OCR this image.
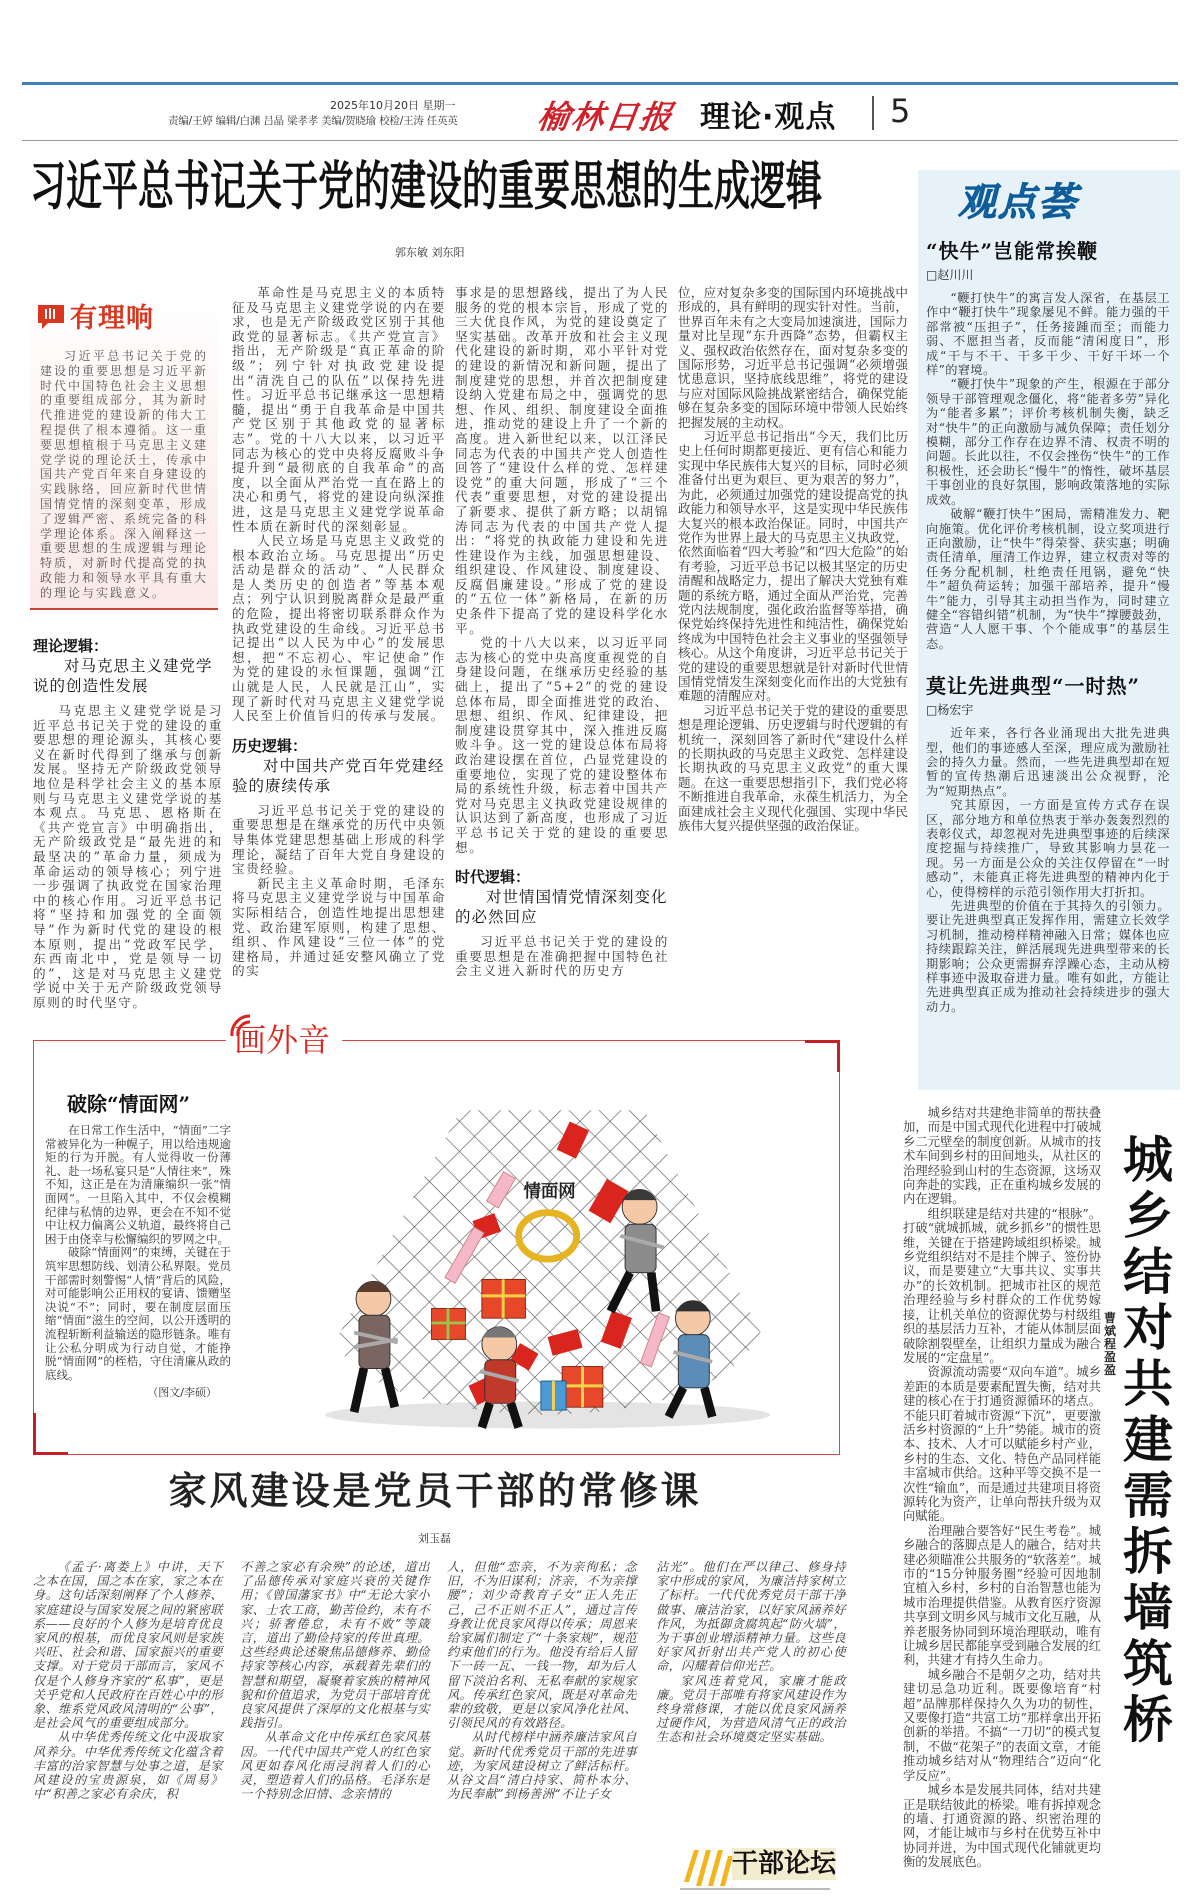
2025年10月20日 星期一
责编/王婷 编辑/白渊 吕晶 梁孝孝 美编/贺晓瑜 校检/王涛 任英英 榆林日报 理论·观点 5
习近平总书记关于党的建设的重要思想的生成逻辑
郭东敏 刘东阳
有理响

习近平总书记关于党的建设的重要思想是习近平新时代中国特色社会主义思想的重要组成部分，其为新时代推进党的建设新的伟大工程提供了根本遵循。这一重要思想植根于马克思主义建党学说的理论沃土，传承中国共产党百年来自身建设的实践脉络，回应新时代世情国情党情的深刻变革，形成了逻辑严密、系统完备的科学理论体系。深入阐释这一重要思想的生成逻辑与理论特质，对新时代提高党的执政能力和领导水平具有重大的理论与实践意义。

理论逻辑：
对马克思主义建党学说的创造性发展

马克思主义建党学说是习近平总书记关于党的建设的重要思想的理论源头，其核心要义在新时代得到了继承与创新发展。坚持无产阶级政党领导地位是科学社会主义的基本原则与马克思主义建党学说的基本观点。马克思、恩格斯在《共产党宣言》中明确指出，无产阶级政党是“最先进的和最坚决的”革命力量，须成为革命运动的领导核心；列宁进一步强调了执政党在国家治理中的核心作用。习近平总书记将“坚持和加强党的全面领导”作为新时代党的建设的根本原则，提出“党政军民学，东西南北中，党是领导一切的”，这是对马克思主义建党学说中关于无产阶级政党领导原则的时代坚守。

革命性是马克思主义的本质特征及马克思主义建党学说的内在要求，也是无产阶级政党区别于其他政党的显著标志。《共产党宣言》指出，无产阶级是“真正革命的阶级”；列宁针对执政党建设提出“清洗自己的队伍”以保持先进性。习近平总书记继承这一思想精髓，提出“勇于自我革命是中国共产党区别于其他政党的显著标志”。党的十八大以来，以习近平同志为核心的党中央将反腐败斗争提升到“最彻底的自我革命”的高度，以全面从严治党一直在路上的决心和勇气，将党的建设向纵深推进，这是马克思主义建党学说革命性本质在新时代的深刻彰显。

人民立场是马克思主义政党的根本政治立场。马克思提出“历史活动是群众的活动”、“人民群众是人类历史的创造者”等基本观点；列宁认识到脱离群众是最严重的危险，提出将密切联系群众作为执政党建设的生命线。习近平总书记提出“以人民为中心”的发展思想，把“不忘初心、牢记使命”作为党的建设的永恒课题，强调“江山就是人民，人民就是江山”，实现了新时代对马克思主义建党学说人民至上价值旨归的传承与发展。

历史逻辑：
对中国共产党百年党建经验的赓续传承

习近平总书记关于党的建设的重要思想是在继承党的历代中央领导集体党建思想基础上形成的科学理论，凝结了百年大党自身建设的宝贵经验。

新民主主义革命时期，毛泽东将马克思主义建党学说与中国革命实际相结合，创造性地提出思想建党、政治建军原则，构建了思想、组织、作风建设“三位一体”的党建格局，并通过延安整风确立了党的实

事求是的思想路线，提出了为人民服务的党的根本宗旨，形成了党的三大优良作风，为党的建设奠定了坚实基础。改革开放和社会主义现代化建设的新时期，邓小平针对党的建设的新情况和新问题，提出了制度建党的思想，并首次把制度建设纳入党建布局之中，强调党的思想、作风、组织、制度建设全面推进，推动党的建设上升了一个新的高度。进入新世纪以来，以江泽民同志为代表的中国共产党人创造性回答了“建设什么样的党、怎样建设党”的重大问题，形成了“三个代表”重要思想，对党的建设提出了新要求、提供了新方略；以胡锦涛同志为代表的中国共产党人提出：“将党的执政能力建设和先进性建设作为主线，加强思想建设、组织建设、作风建设、制度建设、反腐倡廉建设。”形成了党的建设的“五位一体”新格局，在新的历史条件下提高了党的建设科学化水平。

党的十八大以来，以习近平同志为核心的党中央高度重视党的自身建设问题，在继承历史经验的基础上，提出了“5+2”的党的建设总体布局，即全面推进党的政治、思想、组织、作风、纪律建设，把制度建设贯穿其中，深入推进反腐败斗争。这一党的建设总体布局将政治建设摆在首位，凸显党建设的重要地位，实现了党的建设整体布局的系统性升级，标志着中国共产党对马克思主义执政党建设规律的认识达到了新高度，也形成了习近平总书记关于党的建设的重要思想。

时代逻辑：
对世情国情党情深刻变化的必然回应

习近平总书记关于党的建设的重要思想是在准确把握中国特色社会主义进入新时代的历史方

位，应对复杂多变的国际国内环境挑战中形成的，具有鲜明的现实针对性。当前，世界百年未有之大变局加速演进，国际力量对比呈现“东升西降”态势，但霸权主义、强权政治依然存在，面对复杂多变的国际形势，习近平总书记强调“必须增强忧患意识，坚持底线思维”，将党的建设与应对国际风险挑战紧密结合，确保党能够在复杂多变的国际环境中带领人民始终把握发展的主动权。

习近平总书记指出“今天，我们比历史上任何时期都更接近、更有信心和能力实现中华民族伟大复兴的目标，同时必须准备付出更为艰巨、更为艰苦的努力”，为此，必须通过加强党的建设提高党的执政能力和领导水平，这是实现中华民族伟大复兴的根本政治保证。同时，中国共产党作为世界上最大的马克思主义执政党，依然面临着“四大考验”和“四大危险”的始有考验，习近平总书记以极其坚定的历史清醒和战略定力，提出了解决大党独有难题的系统方略，通过全面从严治党，完善党内法规制度，强化政治监督等举措，确保党始终保持先进性和纯洁性，确保党始终成为中国特色社会主义事业的坚强领导核心。从这个角度讲，习近平总书记关于党的建设的重要思想就是针对新时代世情国情党情发生深刻变化而作出的大党独有难题的清醒应对。

习近平总书记关于党的建设的重要思想是理论逻辑、历史逻辑与时代逻辑的有机统一，深刻回答了新时代“建设什么样的长期执政的马克思主义政党、怎样建设长期执政的马克思主义政党”的重大课题。在这一重要思想指引下，我们党必将不断推进自我革命，永葆生机活力，为全面建成社会主义现代化强国、实现中华民族伟大复兴提供坚强的政治保证。

观点荟
“快牛”岂能常挨鞭
□赵川川

“鞭打快牛”的寓言发人深省，在基层工作中“鞭打快牛”现象屡见不鲜。能力强的干部常被“压担子”，任务接踵而至；而能力弱、不愿担当者，反而能“清闲度日”，形成“干与不干、干多干少、干好干坏一个样”的窘境。

“鞭打快牛”现象的产生，根源在于部分领导干部管理观念僵化，将“能者多劳”异化为“能者多累”；评价考核机制失衡，缺乏对“快牛”的正向激励与减负保障；责任划分模糊，部分工作存在边界不清、权责不明的问题。长此以往，不仅会挫伤“快牛”的工作积极性，还会助长“慢牛”的惰性，破坏基层干事创业的良好氛围，影响政策落地的实际成效。

破解“鞭打快牛”困局，需精准发力、靶向施策。优化评价考核机制，设立奖项进行正向激励，让“快牛”得荣誉、获实惠；明确责任清单，厘清工作边界，建立权责对等的任务分配机制，杜绝责任甩锅，避免“快牛”超负荷运转；加强干部培养，提升“慢牛”能力，引导其主动担当作为，同时建立健全“容错纠错”机制，为“快牛”撑腰鼓劲，营造“人人愿干事、个个能成事”的基层生态。

莫让先进典型“一时热”
□杨宏宇

近年来，各行各业涌现出大批先进典型，他们的事迹感人至深，理应成为激励社会的持久力量。然而，一些先进典型却在短暂的宣传热潮后迅速淡出公众视野，沦为“短期热点”。

究其原因，一方面是宣传方式存在误区，部分地方和单位热衷于举办轰轰烈烈的表彰仪式，却忽视对先进典型事迹的后续深度挖掘与持续推广，导致其影响力昙花一现。另一方面是公众的关注仅停留在“一时感动”，未能真正将先进典型的精神内化于心，使得榜样的示范引领作用大打折扣。

先进典型的价值在于其持久的引领力。要让先进典型真正发挥作用，需建立长效学习机制，推动榜样精神融入日常；媒体也应持续跟踪关注，鲜活展现先进典型带来的长期影响；公众更需摒弃浮躁心态，主动从榜样事迹中汲取奋进力量。唯有如此，方能让先进典型真正成为推动社会持续进步的强大动力。

画外音
破除“情面网”

在日常工作生活中，“情面”二字常被异化为一种幌子，用以给违规逾矩的行为开脱。有人觉得收一份薄礼、赴一场私宴只是“人情往来”，殊不知，这正是在为清廉编织一张“情面网”。一旦陷入其中，不仅会模糊纪律与私情的边界，更会在不知不觉中让权力偏离公义轨道，最终将自己困于由侥幸与松懈编织的罗网之中。

破除“情面网”的束缚，关键在于筑牢思想防线、划清公私界限。党员干部需时刻警惕“人情”背后的风险，对可能影响公正用权的宴请、馈赠坚决说“不”；同时，要在制度层面压缩“情面”滋生的空间，以公开透明的流程斩断利益输送的隐形链条。唯有让公私分明成为行动自觉，才能挣脱“情面网”的桎梏，守住清廉从政的底线。

（图文/李硕）
情面网
家风建设是党员干部的常修课
刘玉磊

《孟子·离娄上》中讲，天下之本在国，国之本在家，家之本在身。这句话深刻阐释了个人修养、家庭建设与国家发展之间的紧密联系——良好的个人修为是培育优良家风的根基，而优良家风则是家族兴旺、社会和谐、国家振兴的重要支撑。对于党员干部而言，家风不仅是个人修身齐家的“私事”，更是关乎党和人民政府在百姓心中的形象、维系党风政风清明的“公事”，是社会风气的重要组成部分。

从中华优秀传统文化中汲取家风养分。中华优秀传统文化蕴含着丰富的治家智慧与处事之道，是家风建设的宝贵源泉，如《周易》中“积善之家必有余庆，积

不善之家必有余殃”的论述，道出了品德传承对家庭兴衰的关键作用；《曾国藩家书》中“无论大家小家、士农工商，勤苦俭约，未有不兴；骄奢倦怠，未有不败”等箴言，道出了勤俭持家的传世真理。这些经典论述聚焦品德修养、勤俭持家等核心内容，承载着先辈们的智慧和期望，凝聚着家族的精神风貌和价值追求，为党员干部培育优良家风提供了深厚的文化根基与实践指引。

从革命文化中传承红色家风基因。一代代中国共产党人的红色家风更如春风化雨浸润着人们的心灵，塑造着人们的品格。毛泽东是一个特别念旧情、念亲情的

人，但他“恋亲，不为亲徇私；念旧，不为旧谋利；济亲，不为亲撑腰”；刘少奇教育子女“正人先正己，己不正则不正人”，通过言传身教让优良家风得以传承；周恩来给家属们制定了“十条家规”，规范约束他们的行为。他没有给后人留下一砖一瓦、一钱一物，却为后人留下淡泊名利、无私奉献的家规家风。传承红色家风，既是对革命先辈的致敬，更是以家风净化社风、引领民风的有效路径。

从时代榜样中涵养廉洁家风自觉。新时代优秀党员干部的先进事迹，为家风建设树立了鲜活标杆。从谷文昌“清白持家、简朴本分、为民奉献”到杨善洲“不让子女

沾光”。他们在严以律己、修身持家中形成的家风，为廉洁持家树立了标杆。一代代优秀党员干部干净做事、廉洁治家，以好家风涵养好作风，为抵御贪腐筑起“防火墙”，为干事创业增添精神力量。这些良好家风折射出共产党人的初心使命，闪耀着信仰光芒。

家风连着党风，家廉才能政廉。党员干部唯有将家风建设作为终身常修课，才能以优良家风涵养过硬作风，为营造风清气正的政治生态和社会环境奠定坚实基础。

干部论坛

城乡结对共建绝非简单的帮扶叠加，而是中国式现代化进程中打破城乡二元壁垒的制度创新。从城市的技术车间到乡村的田间地头，从社区的治理经验到山村的生态资源，这场双向奔赴的实践，正在重构城乡发展的内在逻辑。

组织联建是结对共建的“根脉”。打破“就城抓城，就乡抓乡”的惯性思维，关键在于搭建跨域组织桥梁。城乡党组织结对不是挂个牌子、签份协议，而是要建立“大事共议、实事共办”的长效机制。把城市社区的规范治理经验与乡村群众的工作优势嫁接，让机关单位的资源优势与村级组织的基层活力互补，才能从体制层面破除割裂壁垒，让组织力量成为融合发展的“定盘星”。

资源流动需要“双向车道”。城乡差距的本质是要素配置失衡，结对共建的核心在于打通资源循环的堵点。不能只盯着城市资源“下沉”，更要激活乡村资源的“上升”势能。城市的资本、技术、人才可以赋能乡村产业，乡村的生态、文化、特色产品同样能丰富城市供给。这种平等交换不是一次性“输血”，而是通过共建项目将资源转化为资产，让单向帮扶升级为双向赋能。

治理融合要答好“民生考卷”。城乡融合的落脚点是人的融合，结对共建必须瞄准公共服务的“软落差”。城市的“15分钟服务圈”经验可因地制宜植入乡村，乡村的自治智慧也能为城市治理提供借鉴。从教育医疗资源共享到文明乡风与城市文化互融，从养老服务协同到环境治理联动，唯有让城乡居民都能享受到融合发展的红利，共建才有持久生命力。

城乡融合不是朝夕之功，结对共建切忌急功近利。既要像培育“村超”品牌那样保持久久为功的韧性，又要像打造“共富工坊”那样拿出开拓创新的举措。不搞“一刀切”的模式复制，不做“花架子”的表面文章，才能推动城乡结对从“物理结合”迈向“化学反应”。

城乡本是发展共同体，结对共建正是联结彼此的桥梁。唯有拆掉观念的墙、打通资源的路、织密治理的网，才能让城市与乡村在优势互补中协同并进，为中国式现代化铺就更均衡的发展底色。

城乡结对共建需拆墙筑桥
曹斌 程盈盈
